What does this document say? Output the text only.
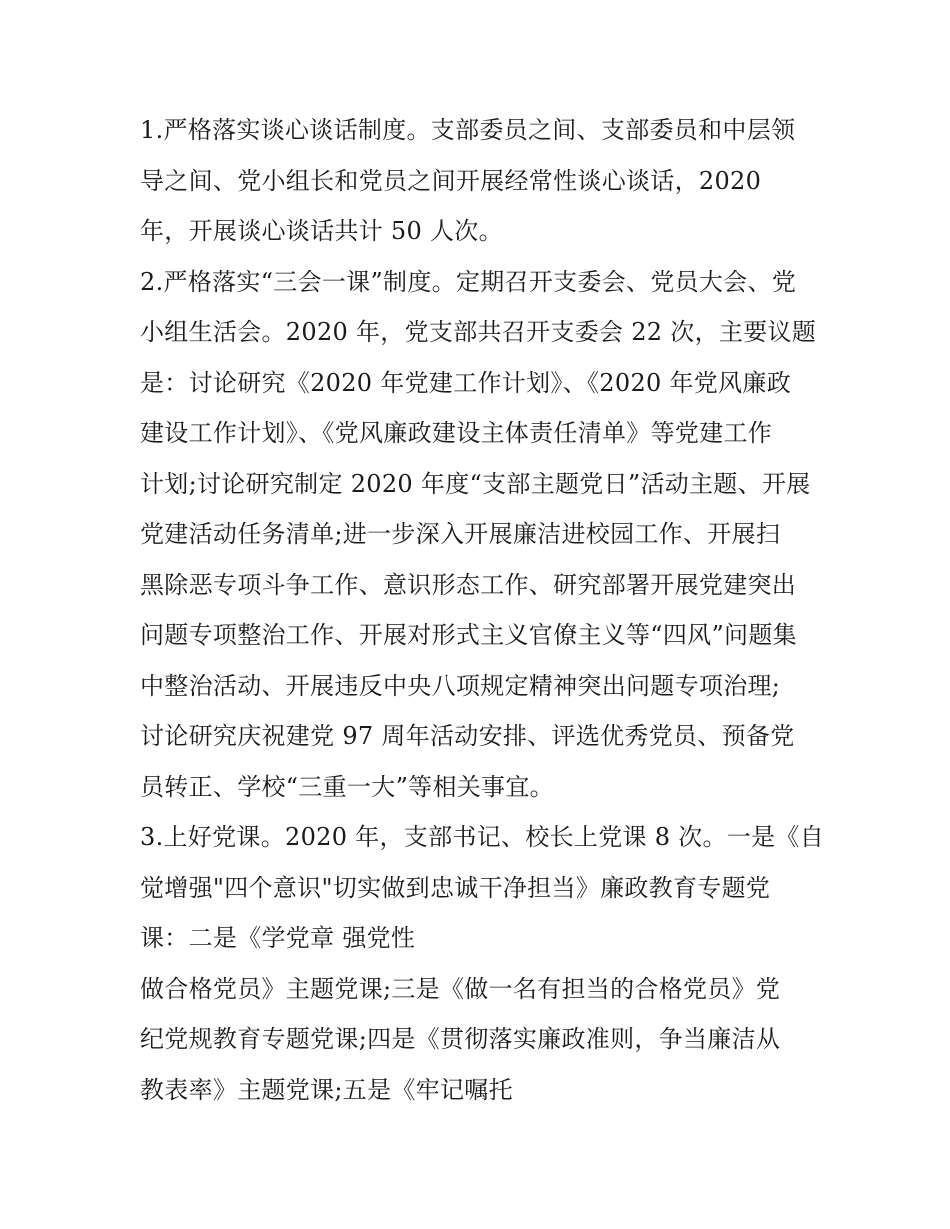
1.严格落实谈心谈话制度。支部委员之间、支部委员和中层领
导之间、党小组长和党员之间开展经常性谈心谈话，2020
年，开展谈心谈话共计 50 人次。
2.严格落实“三会一课”制度。定期召开支委会、党员大会、党
小组生活会。2020 年，党支部共召开支委会 22 次，主要议题
是：讨论研究《2020 年党建工作计划》、《2020 年党风廉政
建设工作计划》、《党风廉政建设主体责任清单》等党建工作
计划;讨论研究制定 2020 年度“支部主题党日”活动主题、开展
党建活动任务清单;进一步深入开展廉洁进校园工作、开展扫
黑除恶专项斗争工作、意识形态工作、研究部署开展党建突出
问题专项整治工作、开展对形式主义官僚主义等“四风”问题集
中整治活动、开展违反中央八项规定精神突出问题专项治理;
讨论研究庆祝建党 97 周年活动安排、评选优秀党员、预备党
员转正、学校“三重一大”等相关事宜。
3.上好党课。2020 年，支部书记、校长上党课 8 次。一是《自
觉增强"四个意识"切实做到忠诚干净担当》廉政教育专题党
课：二是《学党章 强党性
做合格党员》主题党课;三是《做一名有担当的合格党员》党
纪党规教育专题党课;四是《贯彻落实廉政准则，争当廉洁从
教表率》主题党课;五是《牢记嘱托
